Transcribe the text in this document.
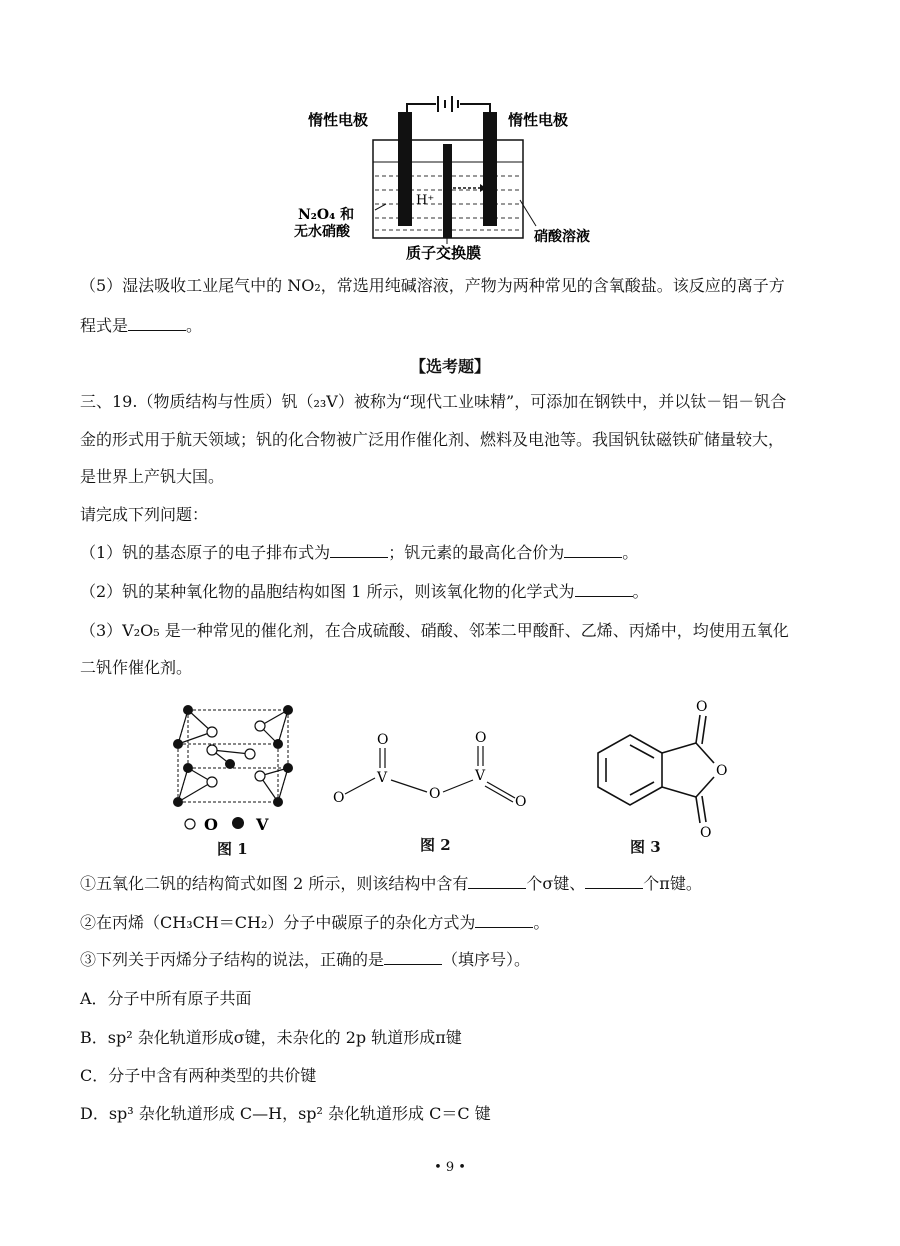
H⁺
惰性电极	惰性电极
N₂O₄ 和
无水硝酸	硝酸溶液
质子交换膜
（5）湿法吸收工业尾气中的 NO₂，常选用纯碱溶液，产物为两种常见的含氧酸盐。该反应的离子方
程式是	。
【选考题】
三、19.（物质结构与性质）钒（₂₃V）被称为“现代工业味精”，可添加在钢铁中，并以钛－铝－钒合
金的形式用于航天领域；钒的化合物被广泛用作催化剂、燃料及电池等。我国钒钛磁铁矿储量较大，
是世界上产钒大国。
请完成下列问题：
（1）钒的基态原子的电子排布式为	；钒元素的最高化合价为	。
（2）钒的某种氧化物的晶胞结构如图 1 所示，则该氧化物的化学式为	。
（3）V₂O₅ 是一种常见的催化剂，在合成硫酸、硝酸、邻苯二甲酸酐、乙烯、丙烯中，均使用五氧化
二钒作催化剂。
O V
O	O
V	V
O
O	O
O
O
O
图 1	图 2	图 3
①五氧化二钒的结构简式如图 2 所示，则该结构中含有	个σ键、	个π键。
②在丙烯（CH₃CH＝CH₂）分子中碳原子的杂化方式为	。
③下列关于丙烯分子结构的说法，正确的是	（填序号）。
A．分子中所有原子共面
B．sp² 杂化轨道形成σ键，未杂化的 2p 轨道形成π键
C．分子中含有两种类型的共价键
D．sp³ 杂化轨道形成 C—H，sp² 杂化轨道形成 C＝C 键
• 9 •
